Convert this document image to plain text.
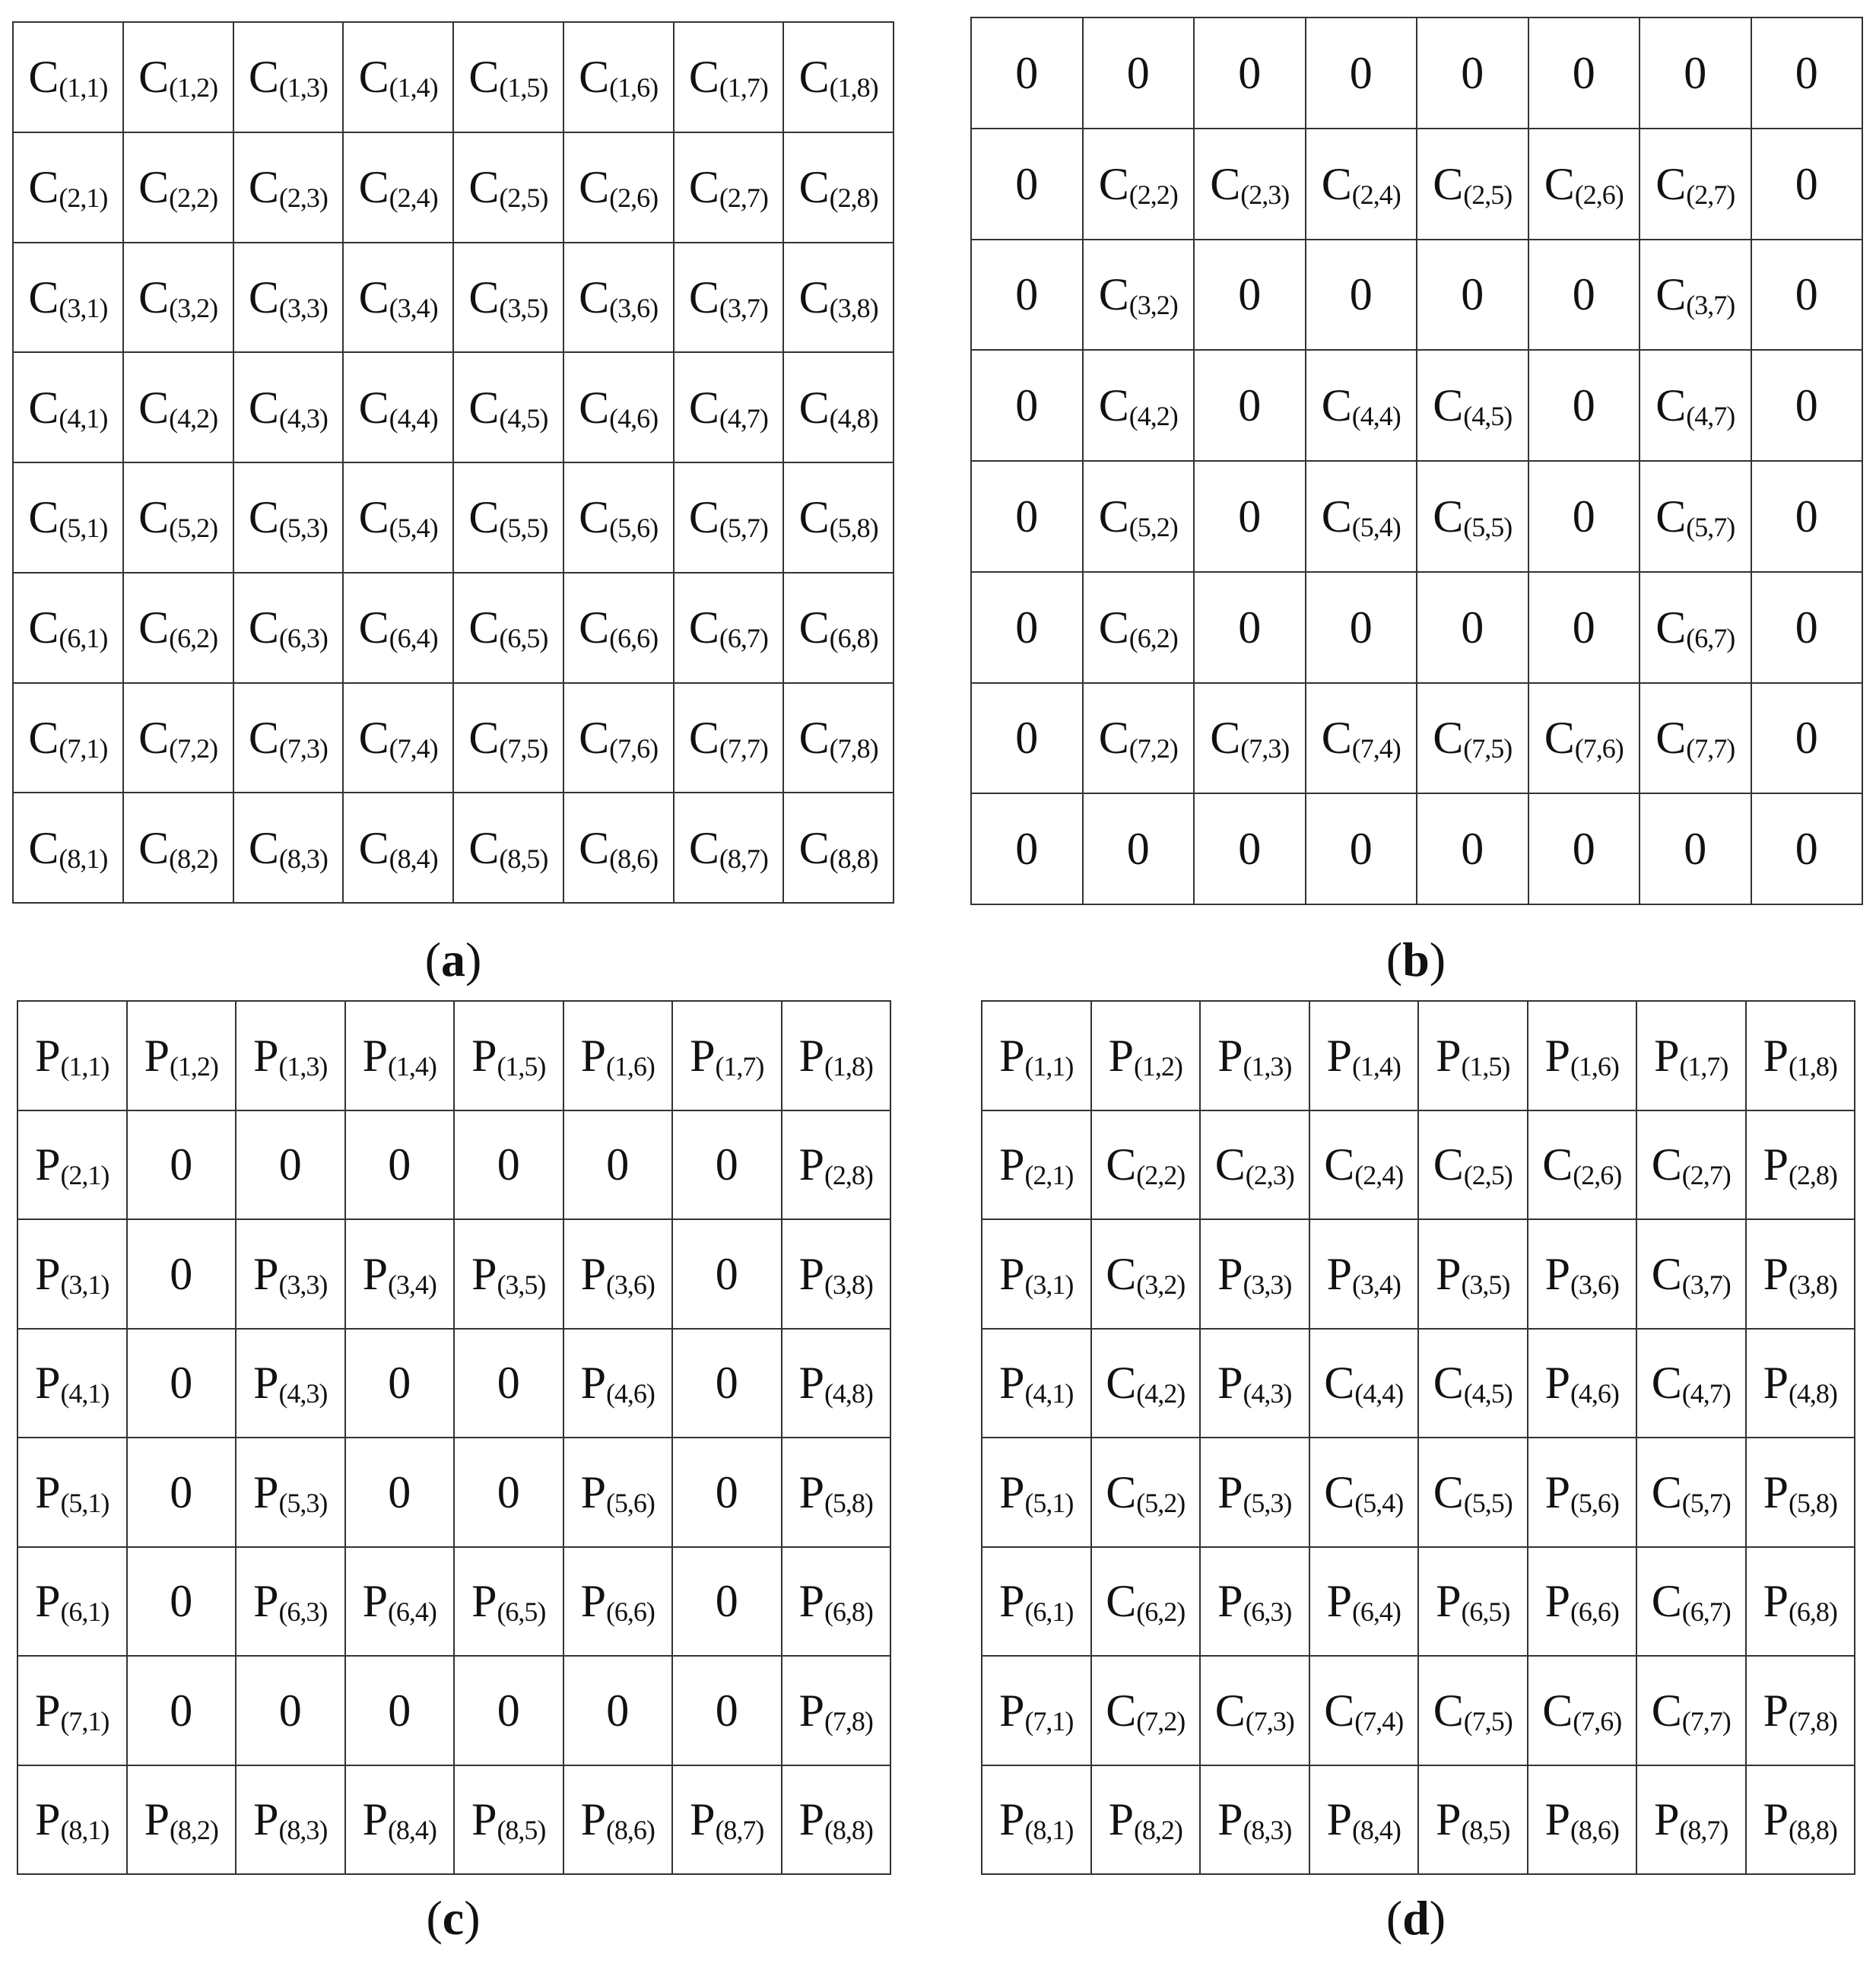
C (1,1) C (1,2) C (1,3) C (1,4) C (1,5) C (1,6) C (1,7) C (1,8)
C (2,1) C (2,2) C (2,3) C (2,4) C (2,5) C (2,6) C (2,7) C (2,8)
C (3,1) C (3,2) C (3,3) C (3,4) C (3,5) C (3,6) C (3,7) C (3,8)
C (4,1) C (4,2) C (4,3) C (4,4) C (4,5) C (4,6) C (4,7) C (4,8)
C (5,1) C (5,2) C (5,3) C (5,4) C (5,5) C (5,6) C (5,7) C (5,8)
C (6,1) C (6,2) C (6,3) C (6,4) C (6,5) C (6,6) C (6,7) C (6,8)
C (7,1) C (7,2) C (7,3) C (7,4) C (7,5) C (7,6) C (7,7) C (7,8)
C (8,1) C (8,2) C (8,3) C (8,4) C (8,5) C (8,6) C (8,7) C (8,8)
(a)
0	0	0	0	0	0	0	0
0	C (2,2) C (2,3) C (2,4) C (2,5) C (2,6) C (2,7)	0
0	C (3,2)	0	0	0	0	C (3,7)	0
0	C (4,2)	0	C (4,4) C (4,5)	0	C (4,7)	0
0	C (5,2)	0	C (5,4) C (5,5)	0	C (5,7)	0
0	C (6,2)	0	0	0	0	C (6,7)	0
0	C (7,2) C (7,3) C (7,4) C (7,5) C (7,6) C (7,7)	0
0	0	0	0	0	0	0	0
(b)
P (1,1) P (1,2) P (1,3) P (1,4) P (1,5) P (1,6) P (1,7) P (1,8)
P (2,1)	0	0	0	0	0	0	P (2,8)
P (3,1)	0	P (3,3) P (3,4) P (3,5) P (3,6)	0	P (3,8)
P (4,1)	0	P (4,3)	0	0	P (4,6)	0	P (4,8)
P (5,1)	0	P (5,3)	0	0	P (5,6)	0	P (5,8)
P (6,1)	0	P (6,3) P (6,4) P (6,5) P (6,6)	0	P (6,8)
P (7,1)	0	0	0	0	0	0	P (7,8)
P (8,1) P (8,2) P (8,3) P (8,4) P (8,5) P (8,6) P (8,7) P (8,8)
(c)
P (1,1) P (1,2) P (1,3) P (1,4) P (1,5) P (1,6) P (1,7) P (1,8)
P (2,1) C (2,2) C (2,3) C (2,4) C (2,5) C (2,6) C (2,7) P (2,8)
P (3,1) C (3,2) P (3,3) P (3,4) P (3,5) P (3,6) C (3,7) P (3,8)
P (4,1) C (4,2) P (4,3) C (4,4) C (4,5) P (4,6) C (4,7) P (4,8)
P (5,1) C (5,2) P (5,3) C (5,4) C (5,5) P (5,6) C (5,7) P (5,8)
P (6,1) C (6,2) P (6,3) P (6,4) P (6,5) P (6,6) C (6,7) P (6,8)
P (7,1) C (7,2) C (7,3) C (7,4) C (7,5) C (7,6) C (7,7) P (7,8)
P (8,1) P (8,2) P (8,3) P (8,4) P (8,5) P (8,6) P (8,7) P (8,8)
(d)
